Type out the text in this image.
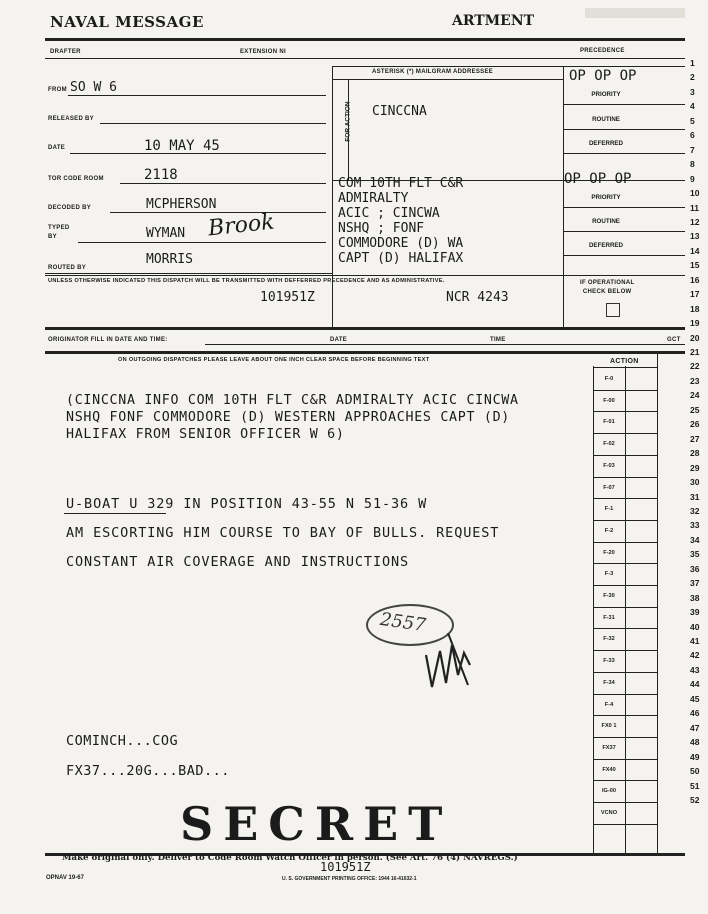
NAVAL MESSAGE	ARTMENT
DRAFTER	EXTENSION NI	PRECEDENCE
ASTERISK (*) MAILGRAM ADDRESSEE
FROM SO W 6
RELEASED BY
DATE	10 MAY 45
TOR CODE ROOM	2118
DECODED BY	MCPHERSON
TYPED
BY	WYMAN Brook
MORRIS
ROUTED BY
FOR ACTION CINCCNA
COM 10TH FLT C&R
ADMIRALTY
ACIC ; CINCWA
NSHQ ; FONF
COMMODORE (D) WA
CAPT (D) HALIFAX
OP OP OP
PRIORITY
ROUTINE
DEFERRED
OP OP OP
PRIORITY
ROUTINE
DEFERRED
UNLESS OTHERWISE INDICATED THIS DISPATCH WILL BE TRANSMITTED WITH DEFFERRED PRECEDENCE AND AS ADMINISTRATIVE.
101951Z	NCR 4243
IF OPERATIONAL
CHECK BELOW
ORIGINATOR FILL IN DATE AND TIME:	DATE	TIME	GCT
ON OUTGOING DISPATCHES PLEASE LEAVE ABOUT ONE INCH CLEAR SPACE BEFORE BEGINNING TEXT	ACTION
F-0
F-00
F-01
F-02
F-03
F-07
F-1
F-2
F-20
F-3
F-30
F-31
F-32
F-33
F-34
F-4
FX0 1
FX37
FX40
IG-00
VCNO
1
2
3
4
5
6
7
8
9
10
11
12
13
14
15
16
17
18
19
20
21
22
23
24
25
26
27
28
29
30
31
32
33
34
35
36
37
38
39
40
41
42
43
44
45
46
47
48
49
50
51
52
(CINCCNA INFO COM 10TH FLT C&R ADMIRALTY ACIC CINCWA
NSHQ FONF COMMODORE (D) WESTERN APPROACHES CAPT (D)
HALIFAX FROM SENIOR OFFICER W 6)
U-BOAT U 329 IN POSITION 43-55 N 51-36 W
AM ESCORTING HIM COURSE TO BAY OF BULLS. REQUEST
CONSTANT AIR COVERAGE AND INSTRUCTIONS
2557
COMINCH...COG
FX37...20G...BAD...
SECRET
Make original only. Deliver to Code Room Watch Officer in person. (See Art. 76 (4) NAVREGS.)
OPNAV 19-67	U. S. GOVERNMENT PRINTING OFFICE: 1944 16-41632-1
101951Z
